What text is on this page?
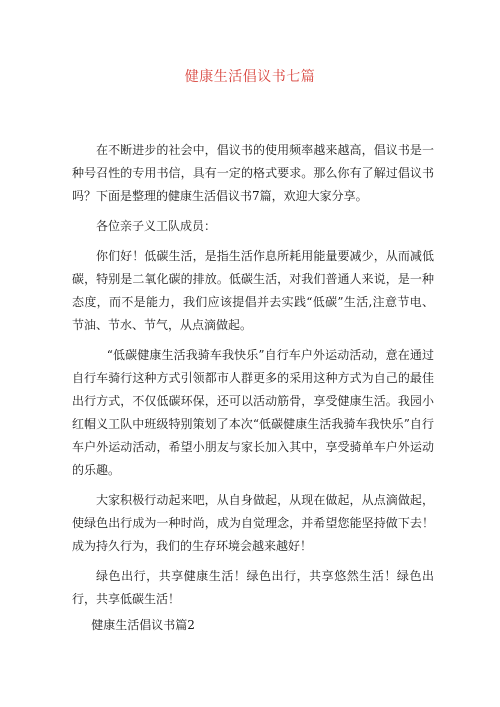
健康生活倡议书七篇

在不断进步的社会中，倡议书的使用频率越来越高，倡议书是一种号召性的专用书信，具有一定的格式要求。那么你有了解过倡议书吗？下面是整理的健康生活倡议书7篇，欢迎大家分享。

各位亲子义工队成员：

你们好！低碳生活，是指生活作息所耗用能量要减少，从而减低碳，特别是二氧化碳的排放。低碳生活，对我们普通人来说，是一种态度，而不是能力，我们应该提倡并去实践“低碳”生活,注意节电、节油、节水、节气，从点滴做起。

“低碳健康生活我骑车我快乐”自行车户外运动活动，意在通过自行车骑行这种方式引领都市人群更多的采用这种方式为自己的最佳出行方式，不仅低碳环保，还可以活动筋骨，享受健康生活。我园小红帽义工队中班级特别策划了本次“低碳健康生活我骑车我快乐”自行车户外运动活动，希望小朋友与家长加入其中，享受骑单车户外运动的乐趣。

大家积极行动起来吧，从自身做起，从现在做起，从点滴做起，使绿色出行成为一种时尚，成为自觉理念，并希望您能坚持做下去！成为持久行为，我们的生存环境会越来越好！

绿色出行，共享健康生活！绿色出行，共享悠然生活！绿色出行，共享低碳生活！

健康生活倡议书篇2
